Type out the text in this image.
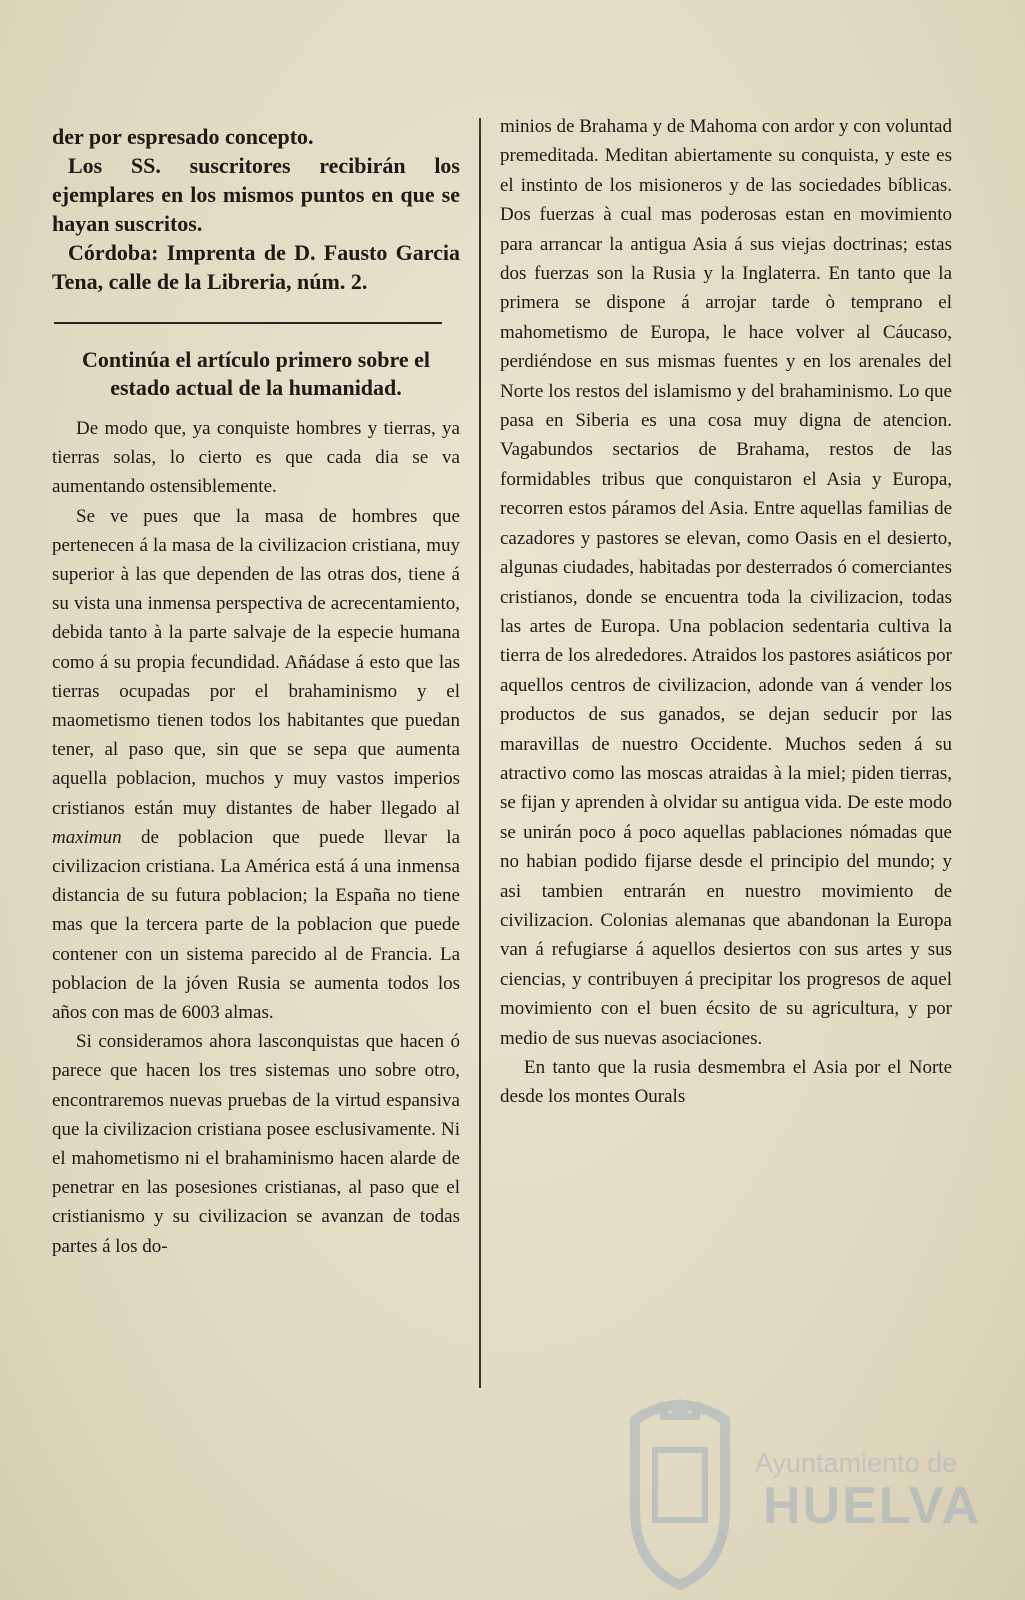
der por espresado concepto.

Los SS. suscritores recibirán los ejemplares en los mismos puntos en que se hayan suscritos.

Córdoba: Imprenta de D. Fausto Garcia Tena, calle de la Libreria, núm. 2.

Continúa el artículo primero sobre el estado actual de la humanidad.

De modo que, ya conquiste hombres y tierras, ya tierras solas, lo cierto es que cada dia se va aumentando ostensiblemente.

Se ve pues que la masa de hombres que pertenecen á la masa de la civilizacion cristiana, muy superior à las que dependen de las otras dos, tiene á su vista una inmensa perspectiva de acrecentamiento, debida tanto à la parte salvaje de la especie humana como á su propia fecundidad. Añádase á esto que las tierras ocupadas por el brahaminismo y el maometismo tienen todos los habitantes que puedan tener, al paso que, sin que se sepa que aumenta aquella poblacion, muchos y muy vastos imperios cristianos están muy distantes de haber llegado al maximun de poblacion que puede llevar la civilizacion cristiana. La América está á una inmensa distancia de su futura poblacion; la España no tiene mas que la tercera parte de la poblacion que puede contener con un sistema parecido al de Francia. La poblacion de la jóven Rusia se aumenta todos los años con mas de 6003 almas.

Si consideramos ahora lasconquistas que hacen ó parece que hacen los tres sistemas uno sobre otro, encontraremos nuevas pruebas de la virtud espansiva que la civilizacion cristiana posee esclusivamente. Ni el mahometismo ni el brahaminismo hacen alarde de penetrar en las posesiones cristianas, al paso que el cristianismo y su civilizacion se avanzan de todas partes á los do-

minios de Brahama y de Mahoma con ardor y con voluntad premeditada. Meditan abiertamente su conquista, y este es el instinto de los misioneros y de las sociedades bíblicas. Dos fuerzas à cual mas poderosas estan en movimiento para arrancar la antigua Asia á sus viejas doctrinas; estas dos fuerzas son la Rusia y la Inglaterra. En tanto que la primera se dispone á arrojar tarde ò temprano el mahometismo de Europa, le hace volver al Cáucaso, perdiéndose en sus mismas fuentes y en los arenales del Norte los restos del islamismo y del brahaminismo. Lo que pasa en Siberia es una cosa muy digna de atencion. Vagabundos sectarios de Brahama, restos de las formidables tribus que conquistaron el Asia y Europa, recorren estos páramos del Asia. Entre aquellas familias de cazadores y pastores se elevan, como Oasis en el desierto, algunas ciudades, habitadas por desterrados ó comerciantes cristianos, donde se encuentra toda la civilizacion, todas las artes de Europa. Una poblacion sedentaria cultiva la tierra de los alrededores. Atraidos los pastores asiáticos por aquellos centros de civilizacion, adonde van á vender los productos de sus ganados, se dejan seducir por las maravillas de nuestro Occidente. Muchos seden á su atractivo como las moscas atraidas à la miel; piden tierras, se fijan y aprenden à olvidar su antigua vida. De este modo se unirán poco á poco aquellas pablaciones nómadas que no habian podido fijarse desde el principio del mundo; y asi tambien entrarán en nuestro movimiento de civilizacion. Colonias alemanas que abandonan la Europa van á refugiarse á aquellos desiertos con sus artes y sus ciencias, y contribuyen á precipitar los progresos de aquel movimiento con el buen écsito de su agricultura, y por medio de sus nuevas asociaciones.

En tanto que la rusia desmembra el Asia por el Norte desde los montes Ourals

Ayuntamiento de
HUELVA
